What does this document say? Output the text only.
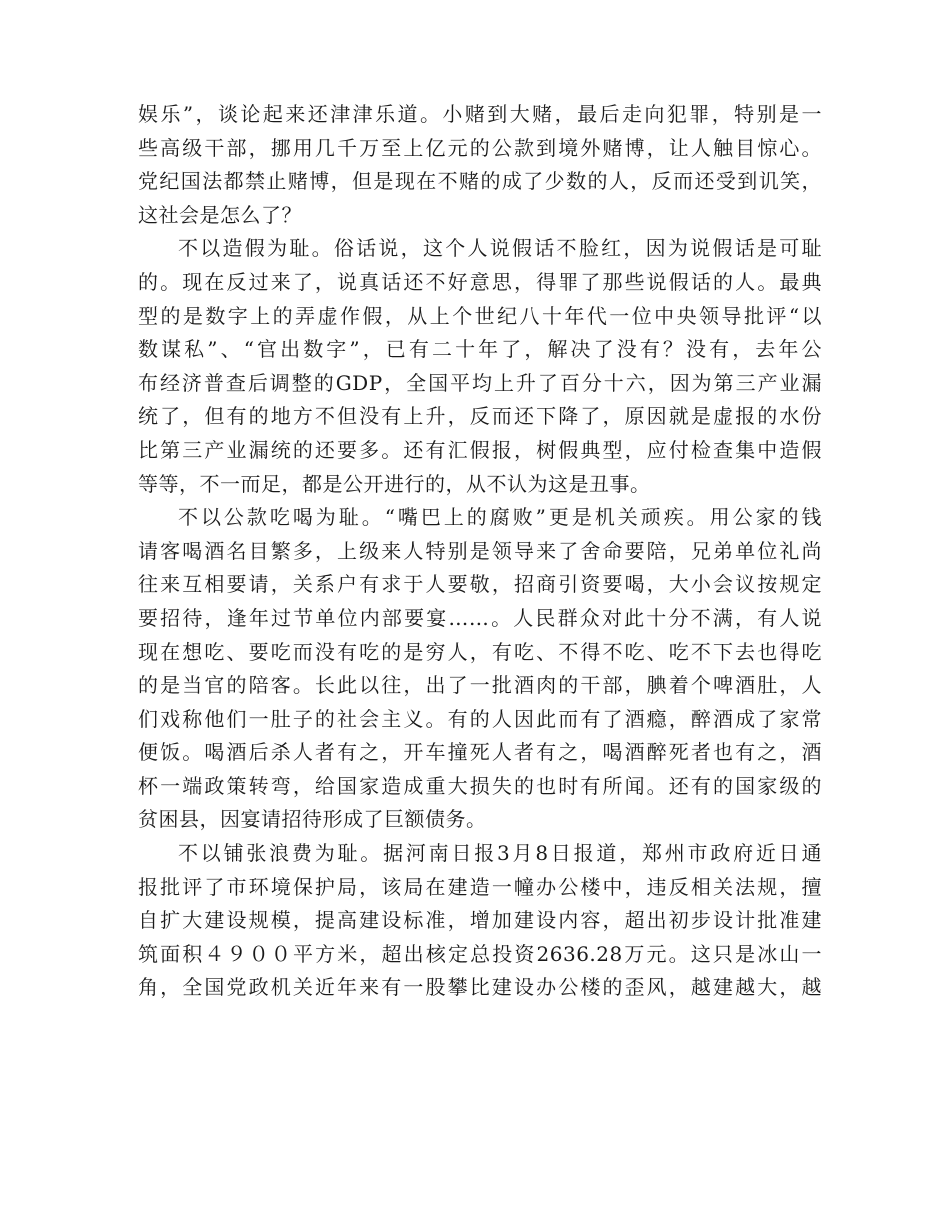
娱乐”，谈论起来还津津乐道。小赌到大赌，最后走向犯罪，特别是一
些高级干部，挪用几千万至上亿元的公款到境外赌博，让人触目惊心。
党纪国法都禁止赌博，但是现在不赌的成了少数的人，反而还受到讥笑，
这社会是怎么了？
不以造假为耻。俗话说，这个人说假话不脸红，因为说假话是可耻
的。现在反过来了，说真话还不好意思，得罪了那些说假话的人。最典
型的是数字上的弄虚作假，从上个世纪八十年代一位中央领导批评“以
数谋私”、“官出数字”，已有二十年了，解决了没有？没有，去年公
布经济普查后调整的GDP，全国平均上升了百分十六，因为第三产业漏
统了，但有的地方不但没有上升，反而还下降了，原因就是虚报的水份
比第三产业漏统的还要多。还有汇假报，树假典型，应付检查集中造假
等等，不一而足，都是公开进行的，从不认为这是丑事。
不以公款吃喝为耻。“嘴巴上的腐败”更是机关顽疾。用公家的钱
请客喝酒名目繁多，上级来人特别是领导来了舍命要陪，兄弟单位礼尚
往来互相要请，关系户有求于人要敬，招商引资要喝，大小会议按规定
要招待，逢年过节单位内部要宴……。人民群众对此十分不满，有人说
现在想吃、要吃而没有吃的是穷人，有吃、不得不吃、吃不下去也得吃
的是当官的陪客。长此以往，出了一批酒肉的干部，腆着个啤酒肚，人
们戏称他们一肚子的社会主义。有的人因此而有了酒瘾，醉酒成了家常
便饭。喝酒后杀人者有之，开车撞死人者有之，喝酒醉死者也有之，酒
杯一端政策转弯，给国家造成重大损失的也时有所闻。还有的国家级的
贫困县，因宴请招待形成了巨额债务。
不以铺张浪费为耻。据河南日报3月8日报道，郑州市政府近日通
报批评了市环境保护局，该局在建造一幢办公楼中，违反相关法规，擅
自扩大建设规模，提高建设标准，增加建设内容，超出初步设计批准建
筑面积４９００平方米，超出核定总投资2636.28万元。这只是冰山一
角，全国党政机关近年来有一股攀比建设办公楼的歪风，越建越大，越
